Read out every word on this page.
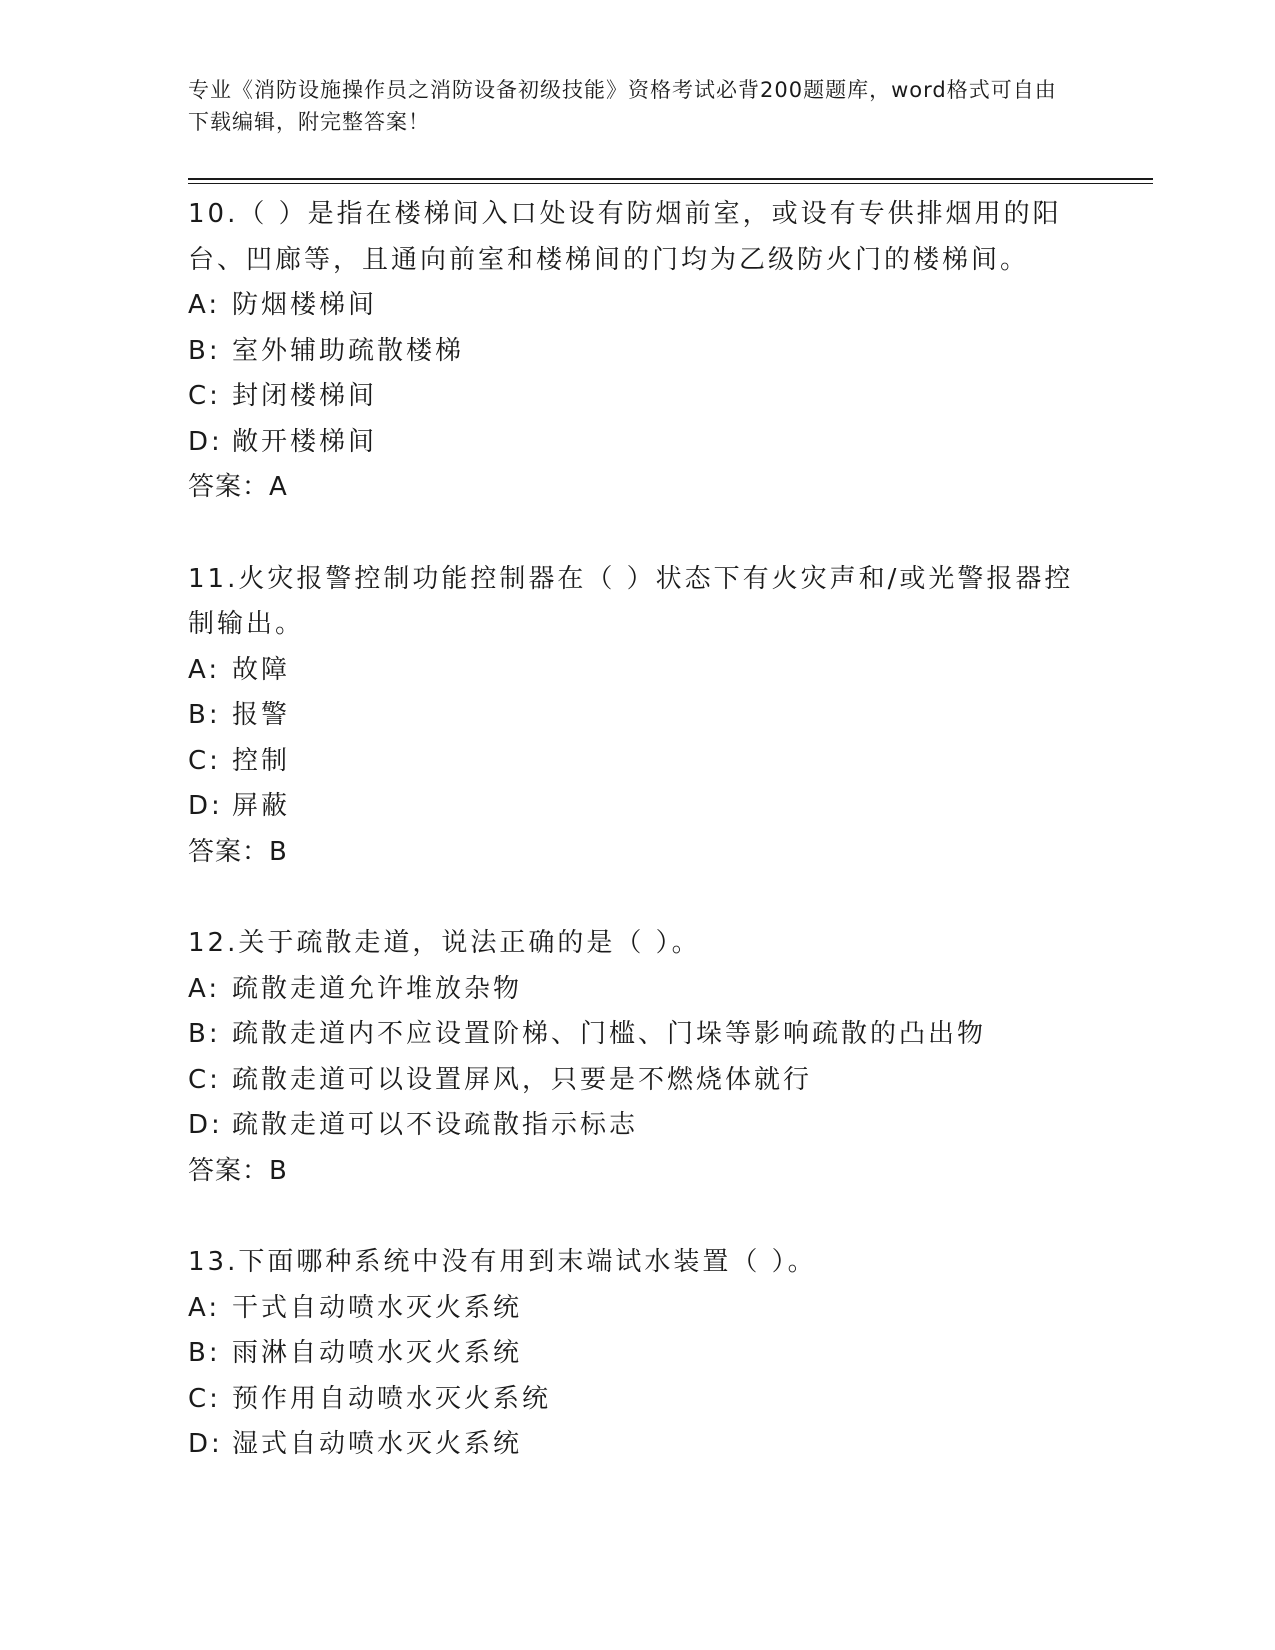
专业《消防设施操作员之消防设备初级技能》资格考试必背200题题库，word格式可自由下载编辑，附完整答案！
10.（ ）是指在楼梯间入口处设有防烟前室，或设有专供排烟用的阳台、凹廊等，且通向前室和楼梯间的门均为乙级防火门的楼梯间。
A: 防烟楼梯间
B: 室外辅助疏散楼梯
C: 封闭楼梯间
D: 敞开楼梯间
答案：A
11.火灾报警控制功能控制器在（ ）状态下有火灾声和/或光警报器控制输出。
A: 故障
B: 报警
C: 控制
D: 屏蔽
答案：B
12.关于疏散走道，说法正确的是（ ）。
A: 疏散走道允许堆放杂物
B: 疏散走道内不应设置阶梯、门槛、门垛等影响疏散的凸出物
C: 疏散走道可以设置屏风，只要是不燃烧体就行
D: 疏散走道可以不设疏散指示标志
答案：B
13.下面哪种系统中没有用到末端试水装置（ ）。
A: 干式自动喷水灭火系统
B: 雨淋自动喷水灭火系统
C: 预作用自动喷水灭火系统
D: 湿式自动喷水灭火系统
